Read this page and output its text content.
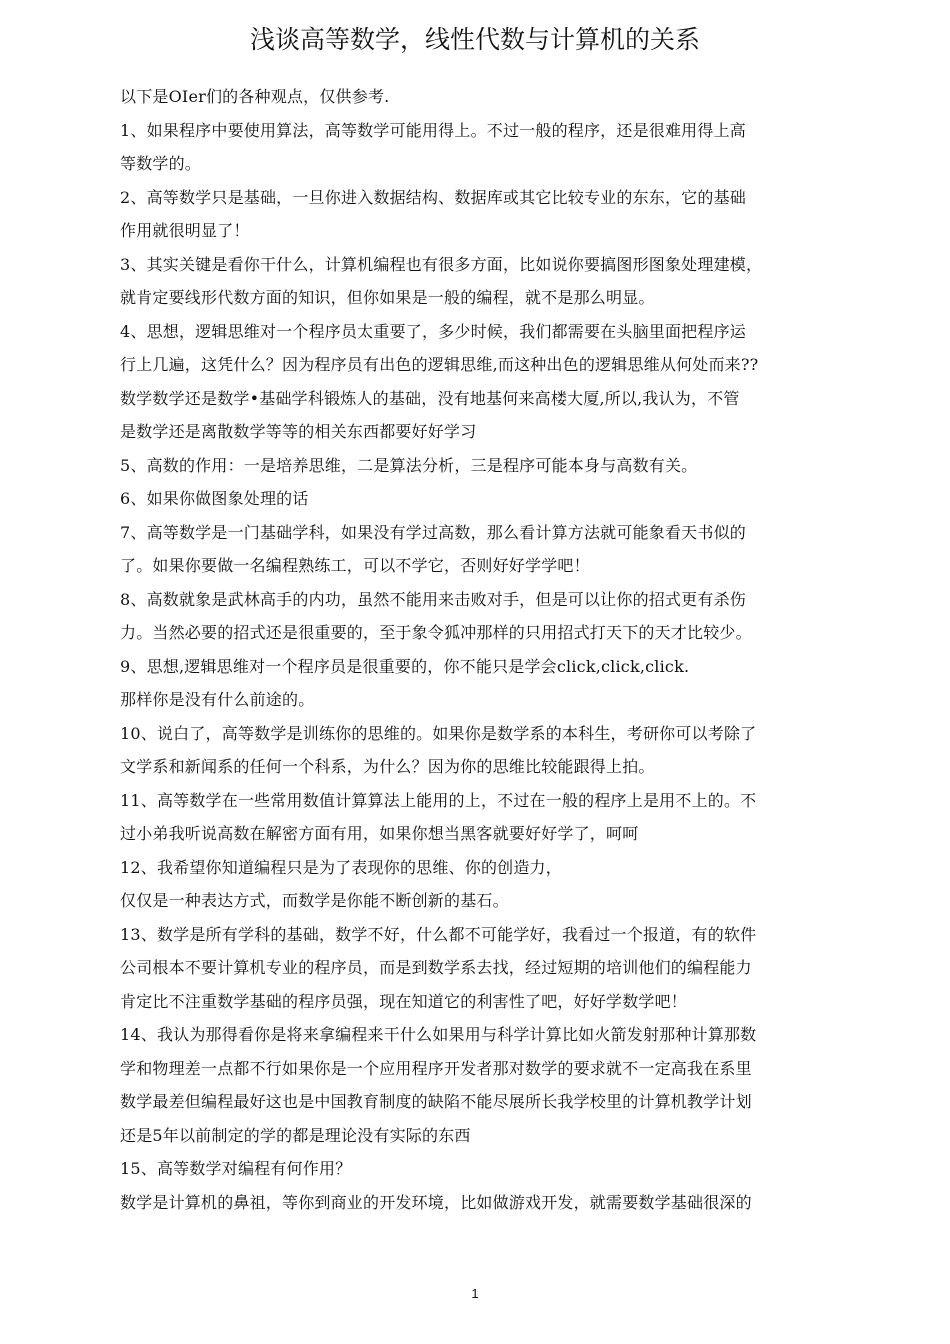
浅谈高等数学，线性代数与计算机的关系

以下是OIer们的各种观点，仅供参考.

1、如果程序中要使用算法，高等数学可能用得上。不过一般的程序，还是很难用得上高
等数学的。

2、高等数学只是基础，一旦你进入数据结构、数据库或其它比较专业的东东，它的基础
作用就很明显了！

3、其实关键是看你干什么，计算机编程也有很多方面，比如说你要搞图形图象处理建模，
就肯定要线形代数方面的知识，但你如果是一般的编程，就不是那么明显。

4、思想，逻辑思维对一个程序员太重要了，多少时候，我们都需要在头脑里面把程序运
行上几遍，这凭什么？因为程序员有出色的逻辑思维,而这种出色的逻辑思维从何处而来??
数学数学还是数学•基础学科锻炼人的基础，没有地基何来高楼大厦,所以,我认为，不管
是数学还是离散数学等等的相关东西都要好好学习

5、高数的作用：一是培养思维，二是算法分析，三是程序可能本身与高数有关。

6、如果你做图象处理的话

7、高等数学是一门基础学科，如果没有学过高数，那么看计算方法就可能象看天书似的
了。如果你要做一名编程熟练工，可以不学它，否则好好学学吧！

8、高数就象是武林高手的内功，虽然不能用来击败对手，但是可以让你的招式更有杀伤
力。当然必要的招式还是很重要的，至于象令狐冲那样的只用招式打天下的天才比较少。

9、思想,逻辑思维对一个程序员是很重要的，你不能只是学会click,click,click.
那样你是没有什么前途的。

10、说白了，高等数学是训练你的思维的。如果你是数学系的本科生，考研你可以考除了
文学系和新闻系的任何一个科系，为什么？因为你的思维比较能跟得上拍。

11、高等数学在一些常用数值计算算法上能用的上，不过在一般的程序上是用不上的。不
过小弟我听说高数在解密方面有用，如果你想当黑客就要好好学了，呵呵

12、我希望你知道编程只是为了表现你的思维、你的创造力，
仅仅是一种表达方式，而数学是你能不断创新的基石。

13、数学是所有学科的基础，数学不好，什么都不可能学好，我看过一个报道，有的软件
公司根本不要计算机专业的程序员，而是到数学系去找，经过短期的培训他们的编程能力
肯定比不注重数学基础的程序员强，现在知道它的利害性了吧，好好学数学吧！

14、我认为那得看你是将来拿编程来干什么如果用与科学计算比如火箭发射那种计算那数
学和物理差一点都不行如果你是一个应用程序开发者那对数学的要求就不一定高我在系里
数学最差但编程最好这也是中国教育制度的缺陷不能尽展所长我学校里的计算机教学计划
还是5年以前制定的学的都是理论没有实际的东西

15、高等数学对编程有何作用？

数学是计算机的鼻祖，等你到商业的开发环境，比如做游戏开发，就需要数学基础很深的

1
